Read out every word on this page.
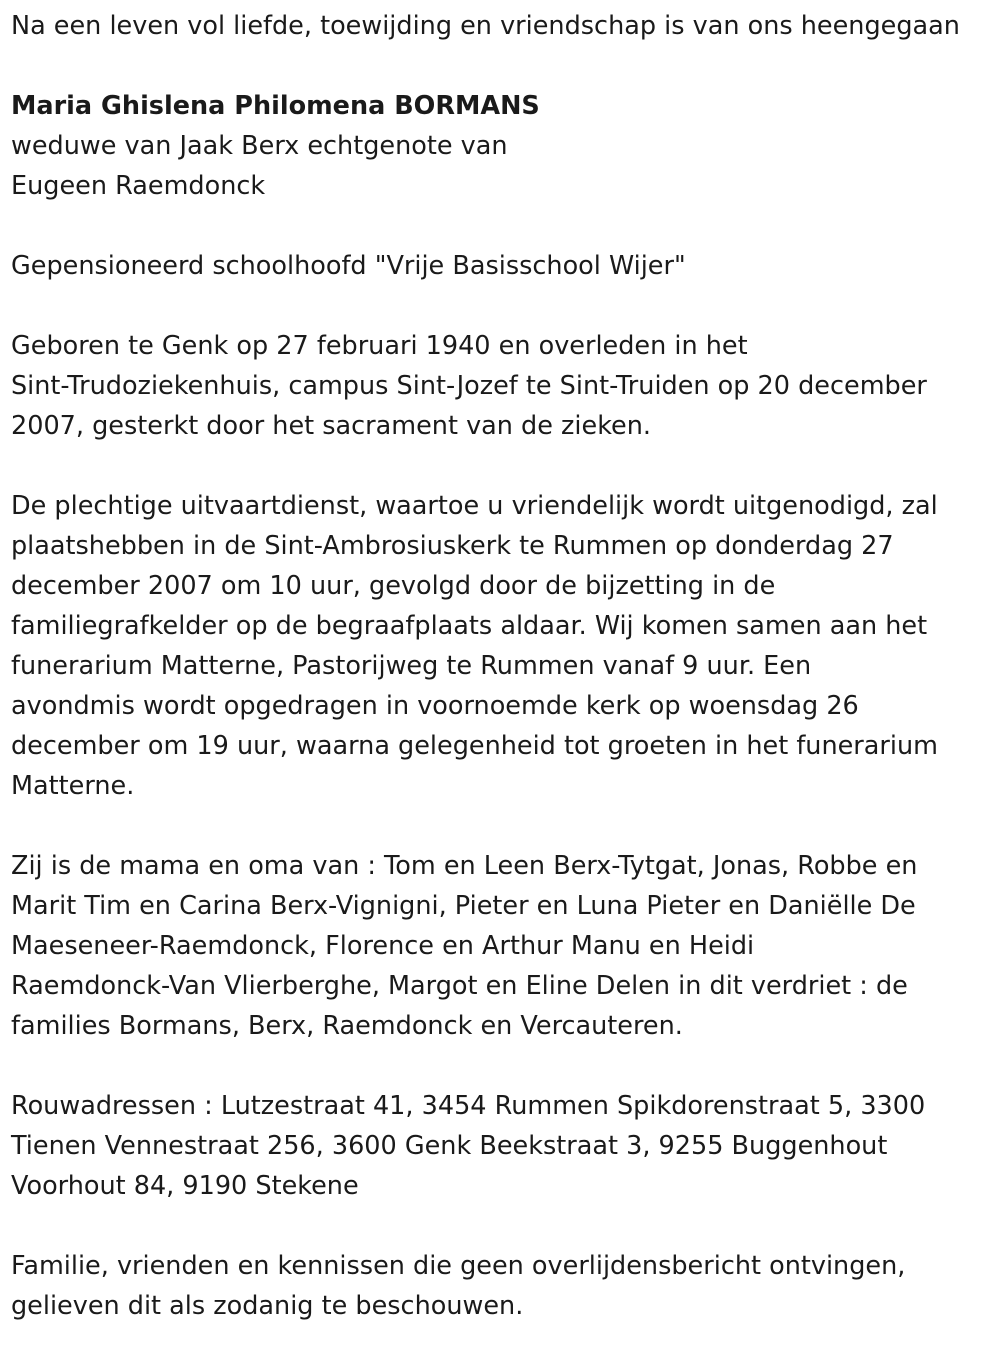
Na een leven vol liefde, toewijding en vriendschap is van ons heengegaan
Maria Ghislena Philomena BORMANS
weduwe van Jaak Berx echtgenote van
Eugeen Raemdonck
Gepensioneerd schoolhoofd "Vrije Basisschool Wijer"
Geboren te Genk op 27 februari 1940 en overleden in het
Sint-Trudoziekenhuis, campus Sint-Jozef te Sint-Truiden op 20 december
2007, gesterkt door het sacrament van de zieken.
De plechtige uitvaartdienst, waartoe u vriendelijk wordt uitgenodigd, zal
plaatshebben in de Sint-Ambrosiuskerk te Rummen op donderdag 27
december 2007 om 10 uur, gevolgd door de bijzetting in de
familiegrafkelder op de begraafplaats aldaar. Wij komen samen aan het
funerarium Matterne, Pastorijweg te Rummen vanaf 9 uur. Een
avondmis wordt opgedragen in voornoemde kerk op woensdag 26
december om 19 uur, waarna gelegenheid tot groeten in het funerarium
Matterne.
Zij is de mama en oma van : Tom en Leen Berx-Tytgat, Jonas, Robbe en
Marit Tim en Carina Berx-Vignigni, Pieter en Luna Pieter en Daniëlle De
Maeseneer-Raemdonck, Florence en Arthur Manu en Heidi
Raemdonck-Van Vlierberghe, Margot en Eline Delen in dit verdriet : de
families Bormans, Berx, Raemdonck en Vercauteren.
Rouwadressen : Lutzestraat 41, 3454 Rummen Spikdorenstraat 5, 3300
Tienen Vennestraat 256, 3600 Genk Beekstraat 3, 9255 Buggenhout
Voorhout 84, 9190 Stekene
Familie, vrienden en kennissen die geen overlijdensbericht ontvingen,
gelieven dit als zodanig te beschouwen.
